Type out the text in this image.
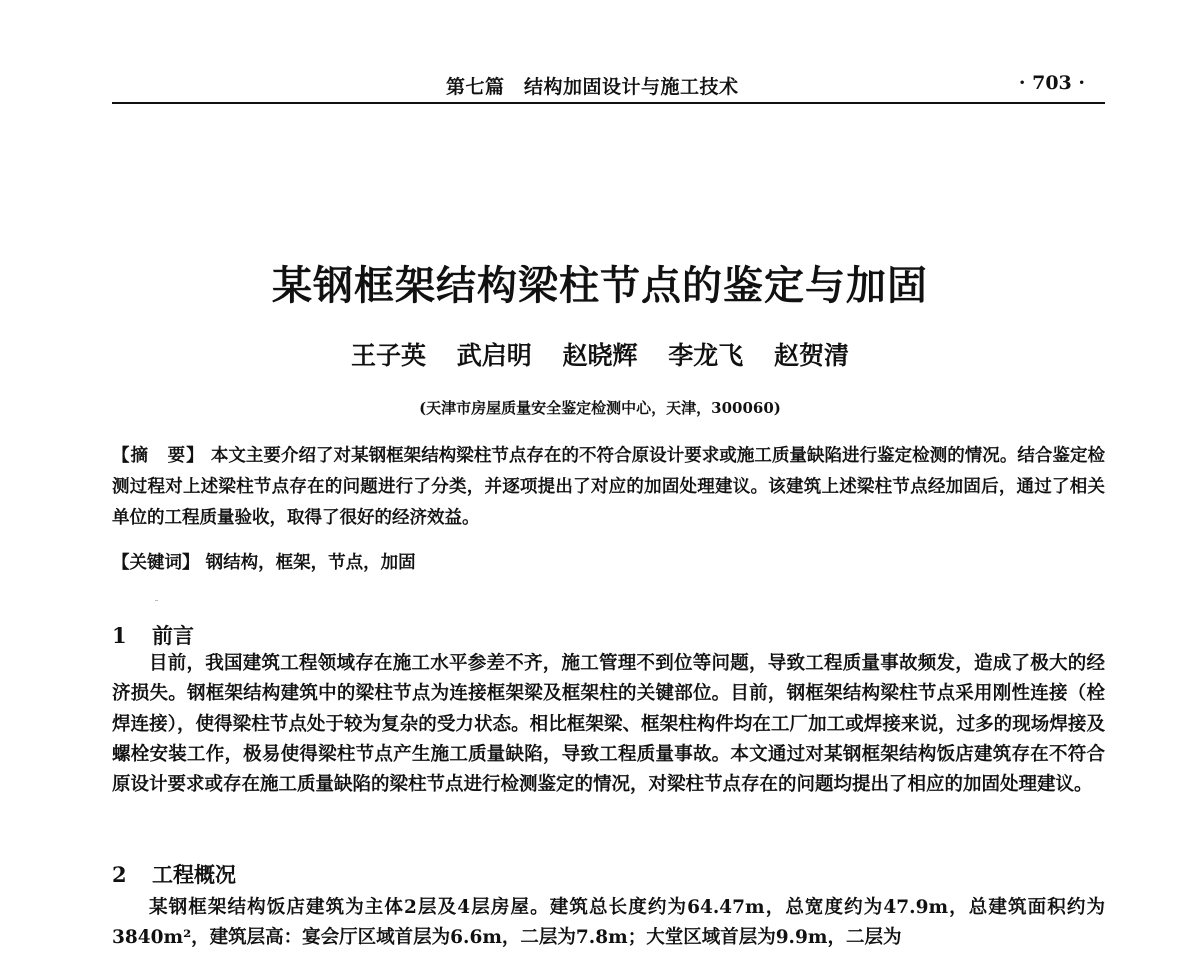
第七篇　结构加固设计与施工技术	· 703 ·
某钢框架结构梁柱节点的鉴定与加固
王子英 武启明 赵晓辉 李龙飞 赵贺清
(天津市房屋质量安全鉴定检测中心，天津，300060)
【摘　要】 本文主要介绍了对某钢框架结构梁柱节点存在的不符合原设计要求或施工质量缺陷进行鉴定检测的情况。结合鉴定检测过程对上述梁柱节点存在的问题进行了分类，并逐项提出了对应的加固处理建议。该建筑上述梁柱节点经加固后，通过了相关单位的工程质量验收，取得了很好的经济效益。
【关键词】 钢结构，框架，节点，加固
1 前言
目前，我国建筑工程领域存在施工水平参差不齐，施工管理不到位等问题，导致工程质量事故频发，造成了极大的经济损失。钢框架结构建筑中的梁柱节点为连接框架梁及框架柱的关键部位。目前，钢框架结构梁柱节点采用刚性连接（栓焊连接），使得梁柱节点处于较为复杂的受力状态。相比框架梁、框架柱构件均在工厂加工或焊接来说，过多的现场焊接及螺栓安装工作，极易使得梁柱节点产生施工质量缺陷，导致工程质量事故。本文通过对某钢框架结构饭店建筑存在不符合原设计要求或存在施工质量缺陷的梁柱节点进行检测鉴定的情况，对梁柱节点存在的问题均提出了相应的加固处理建议。
2 工程概况
某钢框架结构饭店建筑为主体2层及4层房屋。建筑总长度约为64.47m，总宽度约为47.9m，总建筑面积约为3840m²，建筑层高：宴会厅区域首层为6.6m，二层为7.8m；大堂区域首层为9.9m，二层为
